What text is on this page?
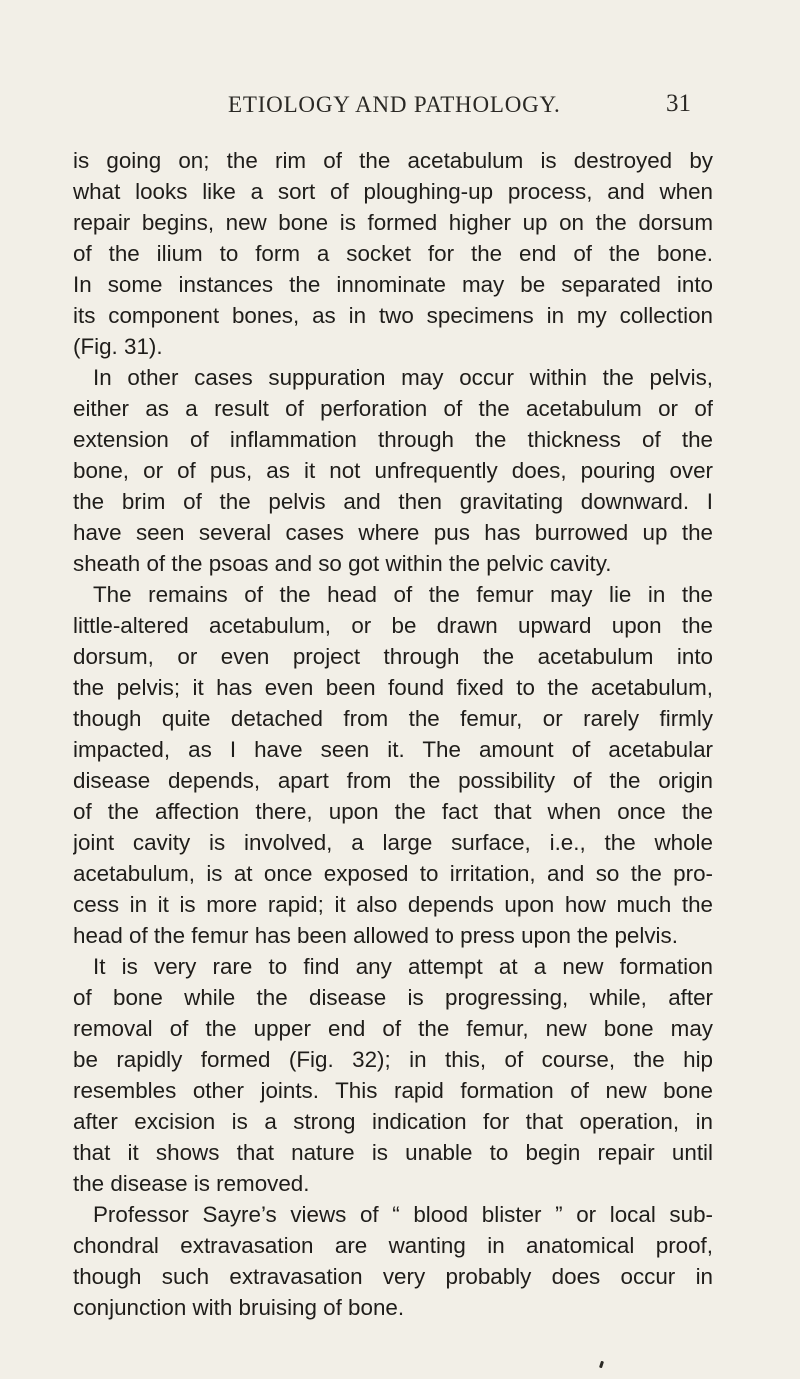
ETIOLOGY AND PATHOLOGY.	31
is going on; the rim of the acetabulum is destroyed by
what looks like a sort of ploughing-up process, and when
repair begins, new bone is formed higher up on the dorsum
of the ilium to form a socket for the end of the bone.
In some instances the innominate may be separated into
its component bones, as in two specimens in my collection
(Fig. 31).
In other cases suppuration may occur within the pelvis,
either as a result of perforation of the acetabulum or of
extension of inflammation through the thickness of the
bone, or of pus, as it not unfrequently does, pouring over
the brim of the pelvis and then gravitating downward. I
have seen several cases where pus has burrowed up the
sheath of the psoas and so got within the pelvic cavity.
The remains of the head of the femur may lie in the
little-altered acetabulum, or be drawn upward upon the
dorsum, or even project through the acetabulum into
the pelvis; it has even been found fixed to the acetabulum,
though quite detached from the femur, or rarely firmly
impacted, as I have seen it. The amount of acetabular
disease depends, apart from the possibility of the origin
of the affection there, upon the fact that when once the
joint cavity is involved, a large surface, i.e., the whole
acetabulum, is at once exposed to irritation, and so the pro-
cess in it is more rapid; it also depends upon how much the
head of the femur has been allowed to press upon the pelvis.
It is very rare to find any attempt at a new formation
of bone while the disease is progressing, while, after
removal of the upper end of the femur, new bone may
be rapidly formed (Fig. 32); in this, of course, the hip
resembles other joints. This rapid formation of new bone
after excision is a strong indication for that operation, in
that it shows that nature is unable to begin repair until
the disease is removed.
Professor Sayre’s views of “ blood blister ” or local sub-
chondral extravasation are wanting in anatomical proof,
though such extravasation very probably does occur in
conjunction with bruising of bone.
